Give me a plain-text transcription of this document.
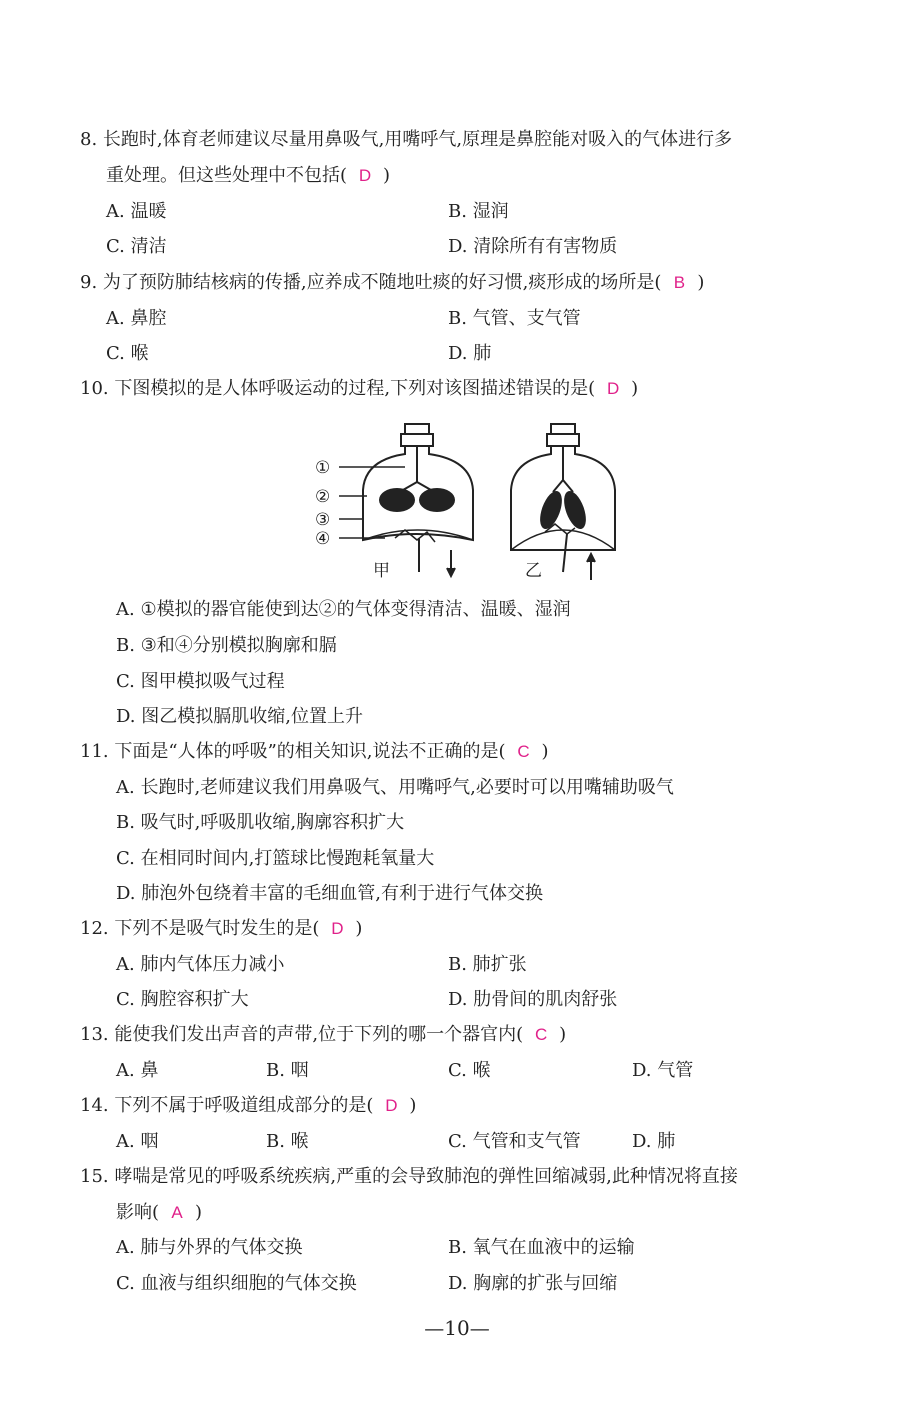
8. 长跑时,体育老师建议尽量用鼻吸气,用嘴呼气,原理是鼻腔能对吸入的气体进行多
重处理。但这些处理中不包括( D )
A. 温暖	B. 湿润
C. 清洁	D. 清除所有有害物质
9. 为了预防肺结核病的传播,应养成不随地吐痰的好习惯,痰形成的场所是( B )
A. 鼻腔	B. 气管、支气管
C. 喉	D. 肺
10. 下图模拟的是人体呼吸运动的过程,下列对该图描述错误的是( D )
①
②
③
④
甲	乙
A. ①模拟的器官能使到达②的气体变得清洁、温暖、湿润
B. ③和④分别模拟胸廓和膈
C. 图甲模拟吸气过程
D. 图乙模拟膈肌收缩,位置上升
11. 下面是“人体的呼吸”的相关知识,说法不正确的是( C )
A. 长跑时,老师建议我们用鼻吸气、用嘴呼气,必要时可以用嘴辅助吸气
B. 吸气时,呼吸肌收缩,胸廓容积扩大
C. 在相同时间内,打篮球比慢跑耗氧量大
D. 肺泡外包绕着丰富的毛细血管,有利于进行气体交换
12. 下列不是吸气时发生的是( D )
A. 肺内气体压力减小	B. 肺扩张
C. 胸腔容积扩大	D. 肋骨间的肌肉舒张
13. 能使我们发出声音的声带,位于下列的哪一个器官内( C )
A. 鼻	B. 咽	C. 喉	D. 气管
14. 下列不属于呼吸道组成部分的是( D )
A. 咽	B. 喉	C. 气管和支气管	D. 肺
15. 哮喘是常见的呼吸系统疾病,严重的会导致肺泡的弹性回缩减弱,此种情况将直接
影响( A )
A. 肺与外界的气体交换	B. 氧气在血液中的运输
C. 血液与组织细胞的气体交换	D. 胸廓的扩张与回缩
—10—
